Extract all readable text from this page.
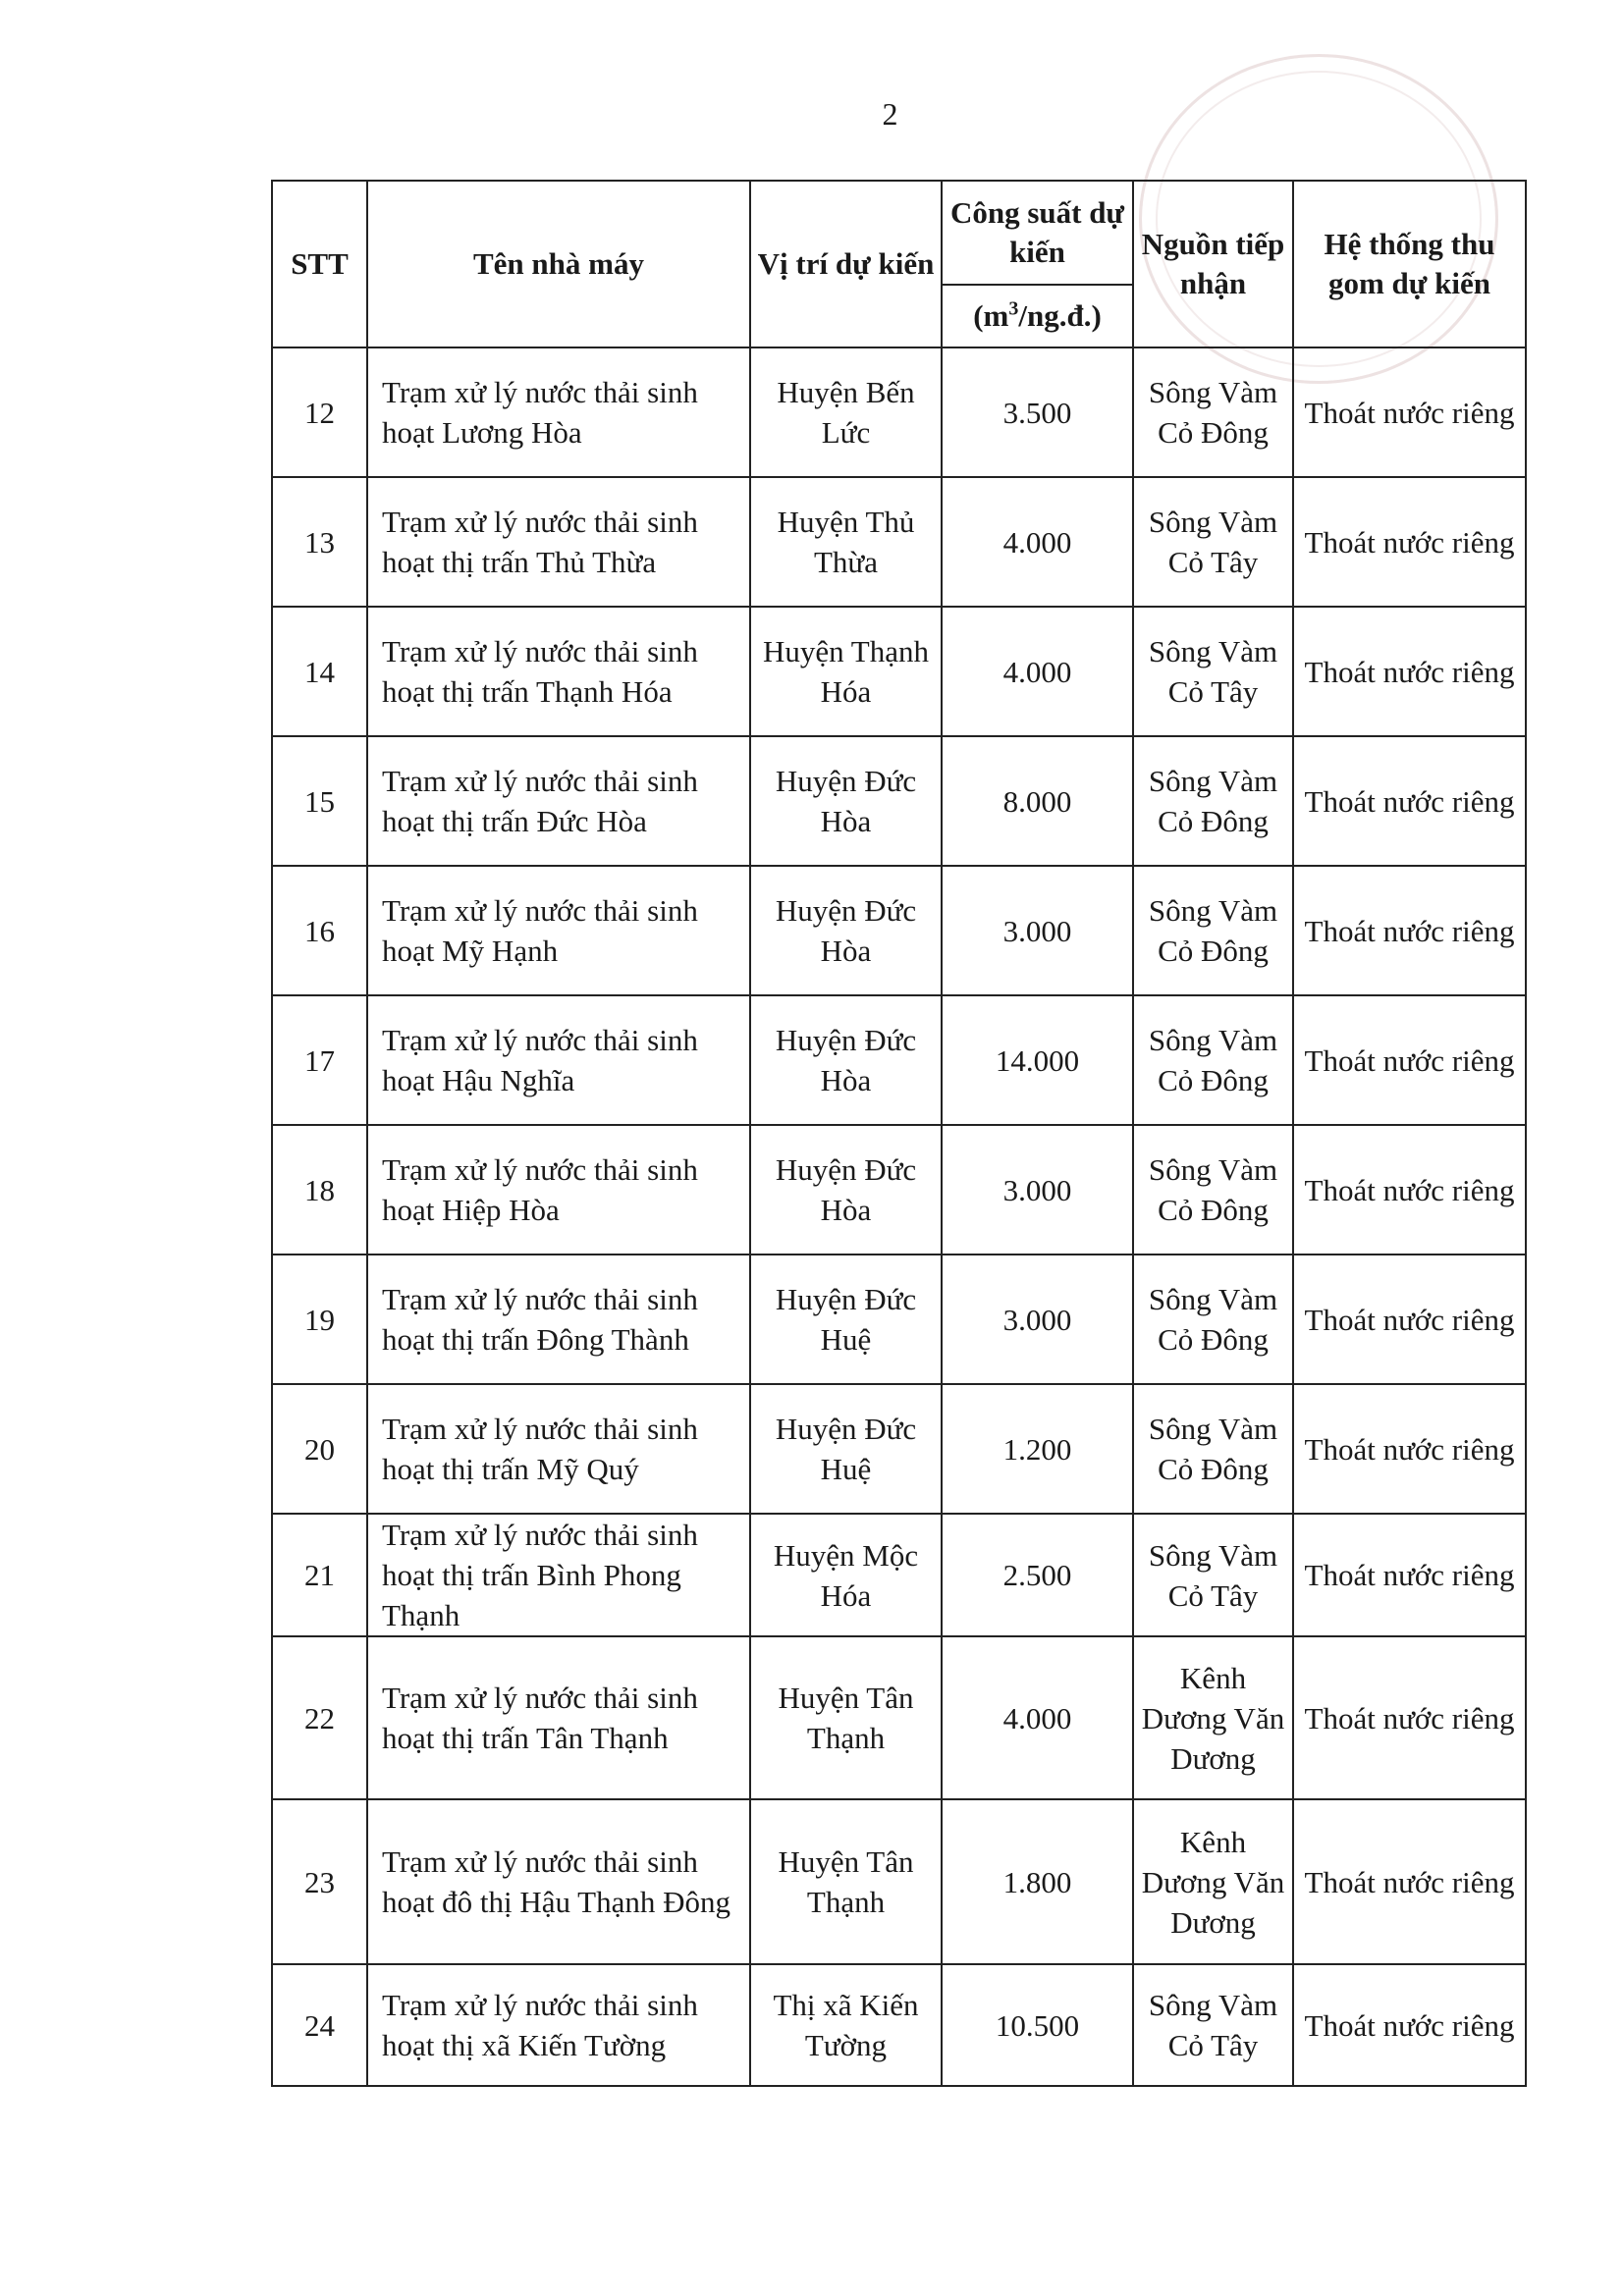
2
STT	Tên nhà máy	Vị trí dự kiến	Công suất dự kiến	Nguồn tiếp nhận	Hệ thống thu gom dự kiến
			$(m^3/ng.đ.)$		
12	Trạm xử lý nước thải sinh hoạt Lương Hòa	Huyện Bến Lức	3.500	Sông Vàm Cỏ Đông	Thoát nước riêng
13	Trạm xử lý nước thải sinh hoạt thị trấn Thủ Thừa	Huyện Thủ Thừa	4.000	Sông Vàm Cỏ Tây	Thoát nước riêng
14	Trạm xử lý nước thải sinh hoạt thị trấn Thạnh Hóa	Huyện Thạnh Hóa	4.000	Sông Vàm Cỏ Tây	Thoát nước riêng
15	Trạm xử lý nước thải sinh hoạt thị trấn Đức Hòa	Huyện Đức Hòa	8.000	Sông Vàm Cỏ Đông	Thoát nước riêng
16	Trạm xử lý nước thải sinh hoạt Mỹ Hạnh	Huyện Đức Hòa	3.000	Sông Vàm Cỏ Đông	Thoát nước riêng
17	Trạm xử lý nước thải sinh hoạt Hậu Nghĩa	Huyện Đức Hòa	14.000	Sông Vàm Cỏ Đông	Thoát nước riêng
18	Trạm xử lý nước thải sinh hoạt Hiệp Hòa	Huyện Đức Hòa	3.000	Sông Vàm Cỏ Đông	Thoát nước riêng
19	Trạm xử lý nước thải sinh hoạt thị trấn Đông Thành	Huyện Đức Huệ	3.000	Sông Vàm Cỏ Đông	Thoát nước riêng
20	Trạm xử lý nước thải sinh hoạt thị trấn Mỹ Quý	Huyện Đức Huệ	1.200	Sông Vàm Cỏ Đông	Thoát nước riêng
21	Trạm xử lý nước thải sinh hoạt thị trấn Bình Phong Thạnh	Huyện Mộc Hóa	2.500	Sông Vàm Cỏ Tây	Thoát nước riêng
22	Trạm xử lý nước thải sinh hoạt thị trấn Tân Thạnh	Huyện Tân Thạnh	4.000	Kênh Dương Văn Dương	Thoát nước riêng
23	Trạm xử lý nước thải sinh hoạt đô thị Hậu Thạnh Đông	Huyện Tân Thạnh	1.800	Kênh Dương Văn Dương	Thoát nước riêng
24	Trạm xử lý nước thải sinh hoạt thị xã Kiến Tường	Thị xã Kiến Tường	10.500	Sông Vàm Cỏ Tây	Thoát nước riêng
